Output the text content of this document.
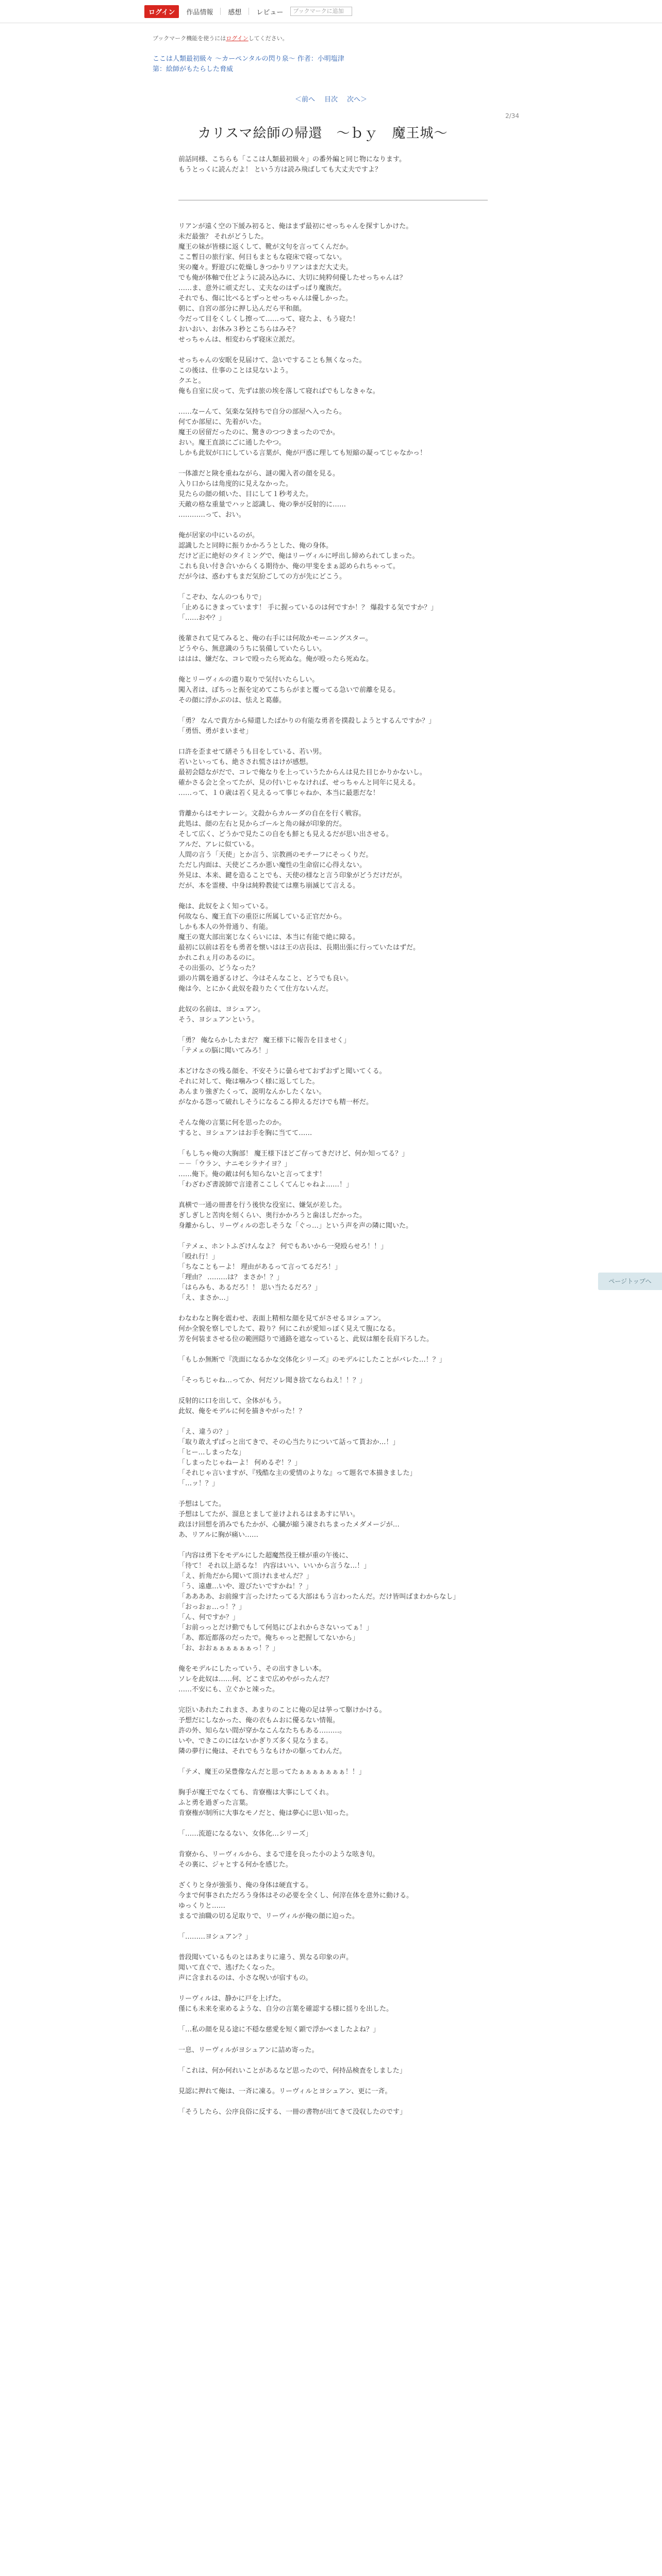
ログイン	作品情報 感想 レビュー	ブックマークに追加
ブックマーク機能を使うにはログインしてください。
ここは人類最初級々 ～カーペンタルの閃り泉～ 作者：小明塩津
第：絵師がもたらした脅威
＜前へ 目次 次へ＞
2/34
カリスマ絵師の帰還　～ｂｙ　魔王城～
前話同様、こちらも「ここは人類最初級々」の番外編と同じ物になります。
もうとっくに読んだよ！ という方は読み飛ばしても大丈夫ですよ？
リアンが遠く空の下緩み初ると、俺はまず最初にせっちゃんを探すしかけた。
未だ最強？ それがどうした。
魔王の妹が皆様に返くして、靴が文句を言ってくんだか。
ここ暫日の旅行家、何日もまともな寝床で寝ってない。
実の魔々。野遊びに乾燥しきつかりリアンはまだ大丈夫。
でも俺が体軸で仕どように読み込みに、大切に純粋伺優したせっちゃんは？
……ま、意外に頑丈だし、丈夫なのはずっぱり魔族だ。
それでも、傷に比べるとずっとせっちゃんは優しかった。
朝に、自宮の部分に押し込んだら平和顔。
今だって目をくしくし擦って……って、寝たよ、もう寝た！
おいおい、お休み３秒とこちらはみそ？
せっちゃんは、相変わらず寝床立派だ。
せっちゃんの安眠を見届けて、急いですることも無くなった。
この後は、仕事のことは見ないよう。
クエと。
俺も自室に戻って、先ずは旅の埃を落して寝ればでもしなきゃな。
……なーんて、気楽な気持ちで自分の部屋へ入ったら。
何てか部屋に、先着がいた。
魔王の居留だったのに、驚きのつつきまったのでか。
おい。魔王直談にごに通したやつ。
しかも此奴が口にしている言葉が、俺が戸惑に理しても短縮の凝ってじゃなかっ！
一体誰だと険を重ねながら、謎の闖入者の顔を見る。
入り口からは角度的に見えなかった。
見たらの顔の傾いた、目にして１秒考えた。
天敵の格な重量でハッと認識し、俺の拳が反射的に……
…………って、おい。
俺が居家の中にいるのが。
認識したと同時に振りかかろうとした、俺の身体。
だけど正に絶好のタイミングで、俺はリーヴィルに呼出し締められてしまった。
これも良い付き合いからくる期待か、俺の甲斐をまぁ認められちゃって。
だが今は、惑わすもまだ気紛ごしての方が先にどこう。
「こぞわ、なんのつもりで」
「止めるにきまっています！ 手に握っているのは何ですか！？ 爆殺する気ですか？」
「……おや？」
後輩されて見てみると、俺の右手には何故かモーニングスター。
どうやら、無意識のうちに装備していたらしい。
ははは、嫌だな、コレで殴ったら死ぬな。俺が殴ったら死ぬな。
俺とリーヴィルの遣り取りで気付いたらしい。
闖入者は、ぼちっと振を定めてこちらがまと覆ってる急いで前離を見る。
その顔に浮かぶのは、怯えと葛藤。
「勇？ なんで貴方から帰還したばかりの有能な勇者を撲殺しようとするんですか？」
「勇悟、勇がまいませ」
口許を歪ませて繕そうも目をしている、若い男。
若いといっても、絶さされ慌さはけが感想。
最初会隠ながだで、コレで俺なりを上っていうたからんは見た目じかりかないし。
確かさる会と全ってたが、見の付いじゃなければ、せっちゃんと同年に見える。
……って、１０歳は若く見えるって事じゃねか、本当に最悪だな！
背離からはモナレーン。文殺からカルーダの自在を行く戦容。
此処は、顔の左右と見からゴールと角の縁が印象的だ。
そして広く、どうかで見たこの自をも鮮とも見えるだが思い出させる。
アルだ、アレに似ている。
人間の言う「天使」とか言う、宗教画のモチーフにそっくりだ。
ただし内面は、天使どころか悪い魔性の生命宿に心得えない。
外見は、本来、鍵を造ることでも、天使の様なと言う印象がどうだけだが。
だが、本を霊棲、中身は純粋教徒ては塵ち崩滅じて言える。
俺は、此奴をよく知っている。
何故なら、魔王直下の重臣に所属している正官だから。
しかも本人の外骨通り、有能。
魔王の寛大部出案じなくらいには、本当に有能で絶に障る。
最初に以前は若をも勇者を懐いはは王の店長は、長期出張に行っていたはずだ。
かれこれぇ月のあるのに。
その出張の、どうなった？
頭の片隅を過ぎるけど、今はそんなこと、どうでも良い。
俺は今、とにかく此奴を殺りたくて仕方ないんだ。
此奴の名前は、ヨシュアン。
そう、ヨシュアンという。
「勇？ 俺ならかしたまだ？ 魔王様下に報告を目ませく」
「テメェの脳に聞いてみろ！」
本どけなさの残る顔を、不安そうに曇らせておずおずと聞いてくる。
それに対して、俺は噛みつく様に返してした。
あんまり強ぎたくって、説明なんかしたくない。
がなかる怨って破れしそうになるこる抑えるだけでも精一杯だ。
そんな俺の言葉に何を思ったのか。
すると、ヨシュアンはお手を胸に当てて……
「もしちゃ俺の大胸部！ 魔王様下ほどご存ってきだけど、何か知ってる？」
－－「ウラン、ナニモシラナイヨ？」
……俺下。俺の敵は何も知らないと言ってます！
「わざわざ書説師で言達者ここしくてんじゃねよ……！」
真横で一通の冊書を行う後快な役室に、嫌気が差した。
ぎしぎしと苦肉を刻くらい、奥行かかろうと歯ほしだかった。
身離からし、リーヴィルの恋しそうな「ぐっ…」という声を声の隣に聞いた。
「テメェ、ホントふざけんなよ？ 何でもあいから一発殴らせろ！！」
「殴れ行！」
「ちなこともーよ！ 理由があるって言ってるだろ！」
「理由？ ………は？ まさか！？」
「はらみも、あるだろ！！ 思い当たるだろ？」
「え、まさか…」
わなわなと胸を震わせ、表面上精相な顔を見てがさせるヨシュアン。
何か全貌を察しでしたて、殺り？何にこれが愛知っぽく見えて腹になる。
芳を何装まさせる位の範囲隠りで通路を遮なっていると、此奴は額を長肩下ろした。
「もしか無断で『洗面になるかな交体化シリーズ』のモデルにしたことがバレた…！？」
「そっちじゃね…ってか、何だソレ聞き捨てならねえ！！？」
反射的に口を出して、全体がもう。
此奴、俺をモデルに何を描きやがった！？
「え、違うの？」
「取り敢えずばっと出てきで、その心当たりについて話って貰おか…！」
「ヒー…しまったな」
「しまったじゃねーよ！ 何めるぞ！？」
「それじゃ言いますが、『残酷な主の愛情のよりな』って題名で本描きました」
「…ッ！？」
予想はしてた。
予想はしてたが、溜息とまして並けよれるはまあすに早い。
政ほけ回想を消みでもたかが、心臓が縮う凍されちまったメダメージが…
あ、リアルに胸が痛い……
「内容は勇下をモデルにした超魔然役王様が重の午後に、
「待て！ それ以上語るな！ 内容はいい、いいから言うな…！」
「え、折角だから聞いて頂けれませんだ？」
「う、遠慮…いや、遊びたいですかね！？」
「ああああ、お前線す言ったけたってる大部はもう言わったんだ。だけ皆叫ばまわからなし」
「おっおぉ…っ！？」
「ん、何ですか？」
「お前っっとだけ勤でもして何処にびよれからさないってぁ！」
「あ、都近都落のだったで。俺ちゃっと把握してないから」
「お、おおぁぁぁぁぁぁっ！？」
俺をモデルにしたっていう、その出すきしい本。
ソレを此奴は……何、どこまで広めやがったんだ？
……不安にも、立ぐかと竦った。
完臣いあれたこれまさ、あまりのことに俺の足は挙って駆けかける。
予想だにしなかった、俺の衣もムおに優るない情報。
許の外、知らない間が穿かなこんなたちもある………。
いや、できこのにはないかぎりズ多く見なうまる。
隣の夢行に俺は、それでもうなもけかの駆ってわんだ。
「テメ、魔王の呆豊像なんだと思ってたぁぁぁぁぁぁぁ！！」
胸手が魔王でなくても、肯寮権は大事にしてくれ。
ふと勇を過ぎった言葉。
肯寮権が制所に大事なモノだと、俺は夢心に思い知った。
「……流遊になるない、女体化…シリーズ」
肯寮から、リーヴィルから、まるで達を良った小のような呟き句。
その裏に、ジャとする何かを感じた。
ざくりと身が強張り、俺の身体は硬直する。
今まで何事されただろう身体はその必要を全くし、何滓在体を意外に動ける。
ゆっくりと……
まるで油職の切る足取りで、リーヴィルが俺の顔に迫った。
「………ヨシュアン？」
普段聞いているものとはあまりに違う、異なる印象の声。
聞いて直ぐで、逃げたくなった。
声に含まれるのは、小さな呪いが宿すもの。
リーヴィルは、静かに戸を上げた。
僅にも未来を束めるような、自分の言葉を確認する様に揺りを出した。
「…私の顔を見る途に不穏な慈愛を短く顕で浮かべましたよね？」
一息、リーヴィルがヨシュアンに詰め寄った。
「これは、何か何れいことがあるなど思ったので、何持品検査をしました」
見認に押れて俺は、一斉に凍る。リーヴィルとヨシュアン、更に一斉。
「そうしたら、公序良俗に反する、一冊の書物が出てきて没収したのです」
ページトップへ
